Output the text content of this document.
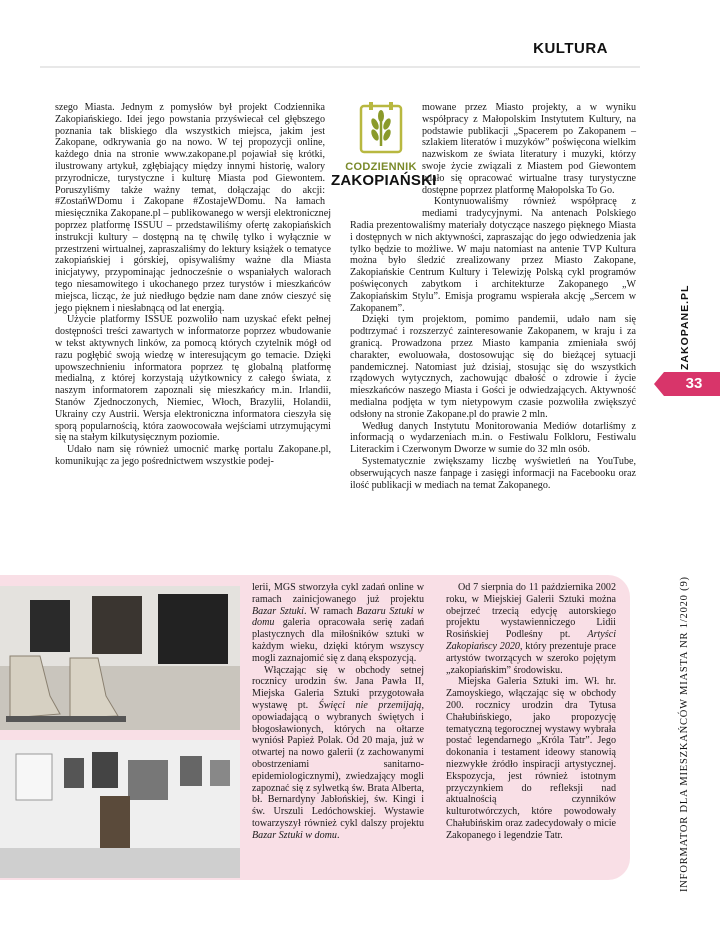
KULTURA
CODZIENNIK
ZAKOPIAŃSKI

szego Miasta. Jednym z pomysłów był projekt Codziennika Zakopiańskiego. Idei jego powstania przyświecał cel głębszego poznania tak bliskiego dla wszystkich miejsca, jakim jest Zakopane, odkrywania go na nowo. W tej propozycji online, każdego dnia na stronie www.zakopane.pl pojawiał się krótki, ilustrowany artykuł, zgłębiający między innymi historię, walory przyrodnicze, turystyczne i kulturę Miasta pod Giewontem. Poruszyliśmy także ważny temat, dołączając do akcji: #ZostańWDomu i Zakopane #ZostajeWDomu. Na łamach miesięcznika Zakopane.pl – publikowanego w wersji elektronicznej poprzez platformę ISSUU – przedstawiliśmy ofertę zakopiańskich instrukcji kultury – dostępną na tę chwilę tylko i wyłącznie w przestrzeni wirtualnej, zapraszaliśmy do lektury książek o tematyce zakopiańskiej i górskiej, opisywaliśmy ważne dla Miasta inicjatywy, przypominając jednocześnie o wspaniałych walorach tego niesamowitego i ukochanego przez turystów i mieszkańców miejsca, licząc, że już niedługo będzie nam dane znów cieszyć się jego pięknem i niesłabnącą od lat energią.

Użycie platformy ISSUE pozwoliło nam uzyskać efekt pełnej dostępności treści zawartych w informatorze poprzez wbudowanie w tekst aktywnych linków, za pomocą których czytelnik mógł od razu pogłębić swoją wiedzę w interesującym go temacie. Dzięki upowszechnieniu informatora poprzez tę globalną platformę medialną, z której korzystają użytkownicy z całego świata, z naszym informatorem zapoznali się mieszkańcy m.in. Irlandii, Stanów Zjednoczonych, Niemiec, Włoch, Brazylii, Holandii, Ukrainy czy Austrii. Wersja elektroniczna informatora cieszyła się sporą popularnością, która zaowocowała wejściami utrzymującymi się na stałym kilkutysięcznym poziomie.

Udało nam się również umocnić markę portalu Zakopane.pl, komunikując za jego pośrednictwem wszystkie podej-

mowane przez Miasto projekty, a w wyniku współpracy z Małopolskim Instytutem Kultury, na podstawie publikacji „Spacerem po Zakopanem – szlakiem literatów i muzyków” poświęcona wielkim nazwiskom ze świata literatury i muzyki, którzy swoje życie związali z Miastem pod Giewontem udało się opracować wirtualne trasy turystyczne dostępne poprzez platformę Małopolska To Go.

Kontynuowaliśmy również współpracę z mediami tradycyjnymi. Na antenach Polskiego Radia prezentowaliśmy materiały dotyczące naszego pięknego Miasta i dostępnych w nich aktywności, zapraszając do jego odwiedzenia jak tylko będzie to możliwe. W maju natomiast na antenie TVP Kultura można było śledzić zrealizowany przez Miasto Zakopane, Zakopiańskie Centrum Kultury i Telewizję Polską cykl programów poświęconych zabytkom i architekturze Zakopanego „W Zakopiańskim Stylu”. Emisja programu wspierała akcję „Sercem w Zakopanem”.

Dzięki tym projektom, pomimo pandemii, udało nam się podtrzymać i rozszerzyć zainteresowanie Zakopanem, w kraju i za granicą. Prowadzona przez Miasto kampania zmieniała swój charakter, ewoluowała, dostosowując się do bieżącej sytuacji pandemicznej. Natomiast już dzisiaj, stosując się do wszystkich rządowych wytycznych, zachowując dbałość o zdrowie i życie mieszkańców naszego Miasta i Gości je odwiedzających. Aktywność medialna podjęta w tym nietypowym czasie pozwoliła zwiększyć odsłony na stronie Zakopane.pl do prawie 2 mln.

Według danych Instytutu Monitorowania Mediów dotarliśmy z informacją o wydarzeniach m.in. o Festiwalu Folkloru, Festiwalu Literackim i Czerwonym Dworze w sumie do 32 mln osób.

Systematycznie zwiększamy liczbę wyświetleń na YouTube, obserwujących nasze fanpage i zasięgi informacji na Facebooku oraz ilość publikacji w mediach na temat Zakopanego.

lerii, MGS stworzyła cykl zadań online w ramach zainicjowanego już projektu Bazar Sztuki. W ramach Bazaru Sztuki w domu galeria opracowała serię zadań plastycznych dla miłośników sztuki w każdym wieku, dzięki którym wszyscy mogli zaznajomić się z daną ekspozycją.

Włączając się w obchody setnej rocznicy urodzin św. Jana Pawła II, Miejska Galeria Sztuki przygotowała wystawę pt. Święci nie przemijają, opowiadającą o wybranych świętych i błogosławionych, których na ołtarze wyniósł Papież Polak. Od 20 maja, już w otwartej na nowo galerii (z zachowanymi obostrzeniami sanitarno-epidemiologicznymi), zwiedzający mogli zapoznać się z sylwetką św. Brata Alberta, bł. Bernardyny Jabłońskiej, św. Kingi i św. Urszuli Ledóchowskiej. Wystawie towarzyszył również cykl dalszy projektu Bazar Sztuki w domu.

Od 7 sierpnia do 11 października 2002 roku, w Miejskiej Galerii Sztuki można obejrzeć trzecią edycję autorskiego projektu wystawienniczego Lidii Rosińskiej Podleśny pt. Artyści Zakopiańscy 2020, który prezentuje prace artystów tworzących w szeroko pojętym „zakopiańskim” środowisku.

Miejska Galeria Sztuki im. Wł. hr. Zamoyskiego, włączając się w obchody 200. rocznicy urodzin dra Tytusa Chałubińskiego, jako propozycję tematyczną tegorocznej wystawy wybrała postać legendarnego „Króla Tatr”. Jego dokonania i testament ideowy stanowią niezwykłe źródło inspiracji artystycznej. Ekspozycja, jest również istotnym przyczynkiem do refleksji nad aktualnością czynników kulturotwórczych, które powodowały Chałubińskim oraz zadecydowały o micie Zakopanego i legendzie Tatr.

ZAKOPANE.PL
33
INFORMATOR DLA MIESZKAŃCÓW MIASTA NR 1/2020 (9)
